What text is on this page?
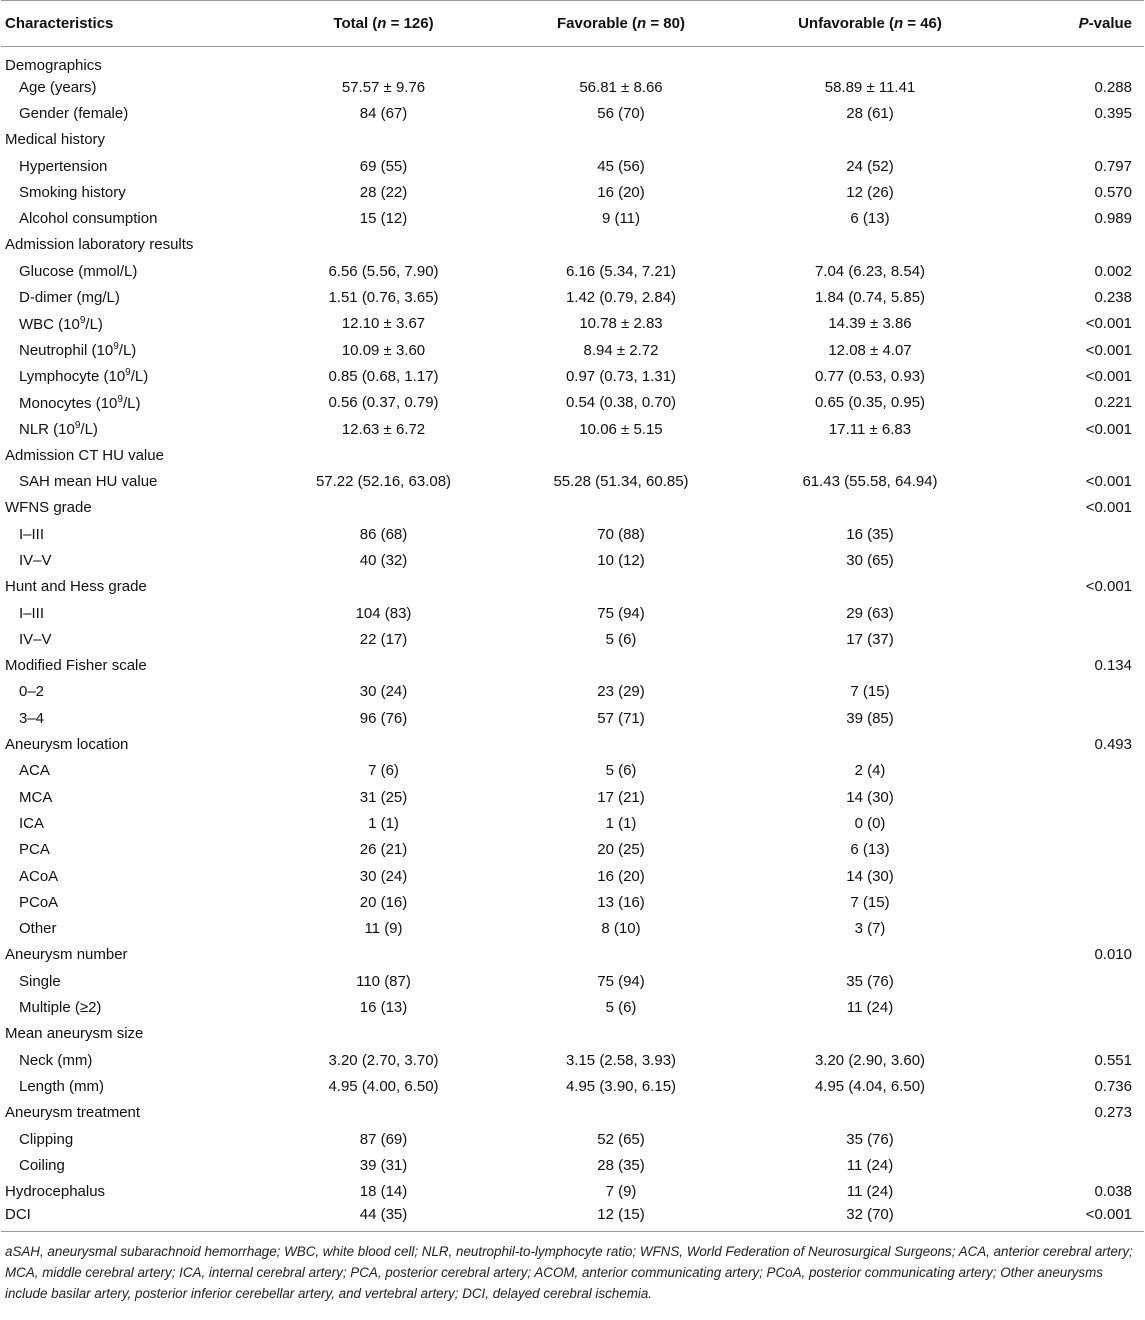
Characteristics	Total (n = 126)	Favorable (n = 80)	Unfavorable (n = 46)	P-value
Demographics				
Age (years)	57.57 ± 9.76	56.81 ± 8.66	58.89 ± 11.41	0.288
Gender (female)	84 (67)	56 (70)	28 (61)	0.395
Medical history				
Hypertension	69 (55)	45 (56)	24 (52)	0.797
Smoking history	28 (22)	16 (20)	12 (26)	0.570
Alcohol consumption	15 (12)	9 (11)	6 (13)	0.989
Admission laboratory results				
Glucose (mmol/L)	6.56 (5.56, 7.90)	6.16 (5.34, 7.21)	7.04 (6.23, 8.54)	0.002
D-dimer (mg/L)	1.51 (0.76, 3.65)	1.42 (0.79, 2.84)	1.84 (0.74, 5.85)	0.238
WBC $(10^9/L)$	12.10 ± 3.67	10.78 ± 2.83	14.39 ± 3.86	<0.001
Neutrophil $(10^9/L)$	10.09 ± 3.60	8.94 ± 2.72	12.08 ± 4.07	<0.001
Lymphocyte $(10^9/L)$	0.85 (0.68, 1.17)	0.97 (0.73, 1.31)	0.77 (0.53, 0.93)	<0.001
Monocytes $(10^9/L)$	0.56 (0.37, 0.79)	0.54 (0.38, 0.70)	0.65 (0.35, 0.95)	0.221
NLR $(10^9/L)$	12.63 ± 6.72	10.06 ± 5.15	17.11 ± 6.83	<0.001
Admission CT HU value				
SAH mean HU value	57.22 (52.16, 63.08)	55.28 (51.34, 60.85)	61.43 (55.58, 64.94)	<0.001
WFNS grade				<0.001
I–III	86 (68)	70 (88)	16 (35)	
IV–V	40 (32)	10 (12)	30 (65)	
Hunt and Hess grade				<0.001
I–III	104 (83)	75 (94)	29 (63)	
IV–V	22 (17)	5 (6)	17 (37)	
Modified Fisher scale				0.134
0–2	30 (24)	23 (29)	7 (15)	
3–4	96 (76)	57 (71)	39 (85)	
Aneurysm location				0.493
ACA	7 (6)	5 (6)	2 (4)	
MCA	31 (25)	17 (21)	14 (30)	
ICA	1 (1)	1 (1)	0 (0)	
PCA	26 (21)	20 (25)	6 (13)	
ACoA	30 (24)	16 (20)	14 (30)	
PCoA	20 (16)	13 (16)	7 (15)	
Other	11 (9)	8 (10)	3 (7)	
Aneurysm number				0.010
Single	110 (87)	75 (94)	35 (76)	
Multiple (≥2)	16 (13)	5 (6)	11 (24)	
Mean aneurysm size				
Neck (mm)	3.20 (2.70, 3.70)	3.15 (2.58, 3.93)	3.20 (2.90, 3.60)	0.551
Length (mm)	4.95 (4.00, 6.50)	4.95 (3.90, 6.15)	4.95 (4.04, 6.50)	0.736
Aneurysm treatment				0.273
Clipping	87 (69)	52 (65)	35 (76)	
Coiling	39 (31)	28 (35)	11 (24)	
Hydrocephalus	18 (14)	7 (9)	11 (24)	0.038
DCI	44 (35)	12 (15)	32 (70)	<0.001
aSAH, aneurysmal subarachnoid hemorrhage; WBC, white blood cell; NLR, neutrophil-to-lymphocyte ratio; WFNS, World Federation of Neurosurgical Surgeons; ACA, anterior cerebral artery; MCA, middle cerebral artery; ICA, internal cerebral artery; PCA, posterior cerebral artery; ACOM, anterior communicating artery; PCoA, posterior communicating artery; Other aneurysms include basilar artery, posterior inferior cerebellar artery, and vertebral artery; DCI, delayed cerebral ischemia.
